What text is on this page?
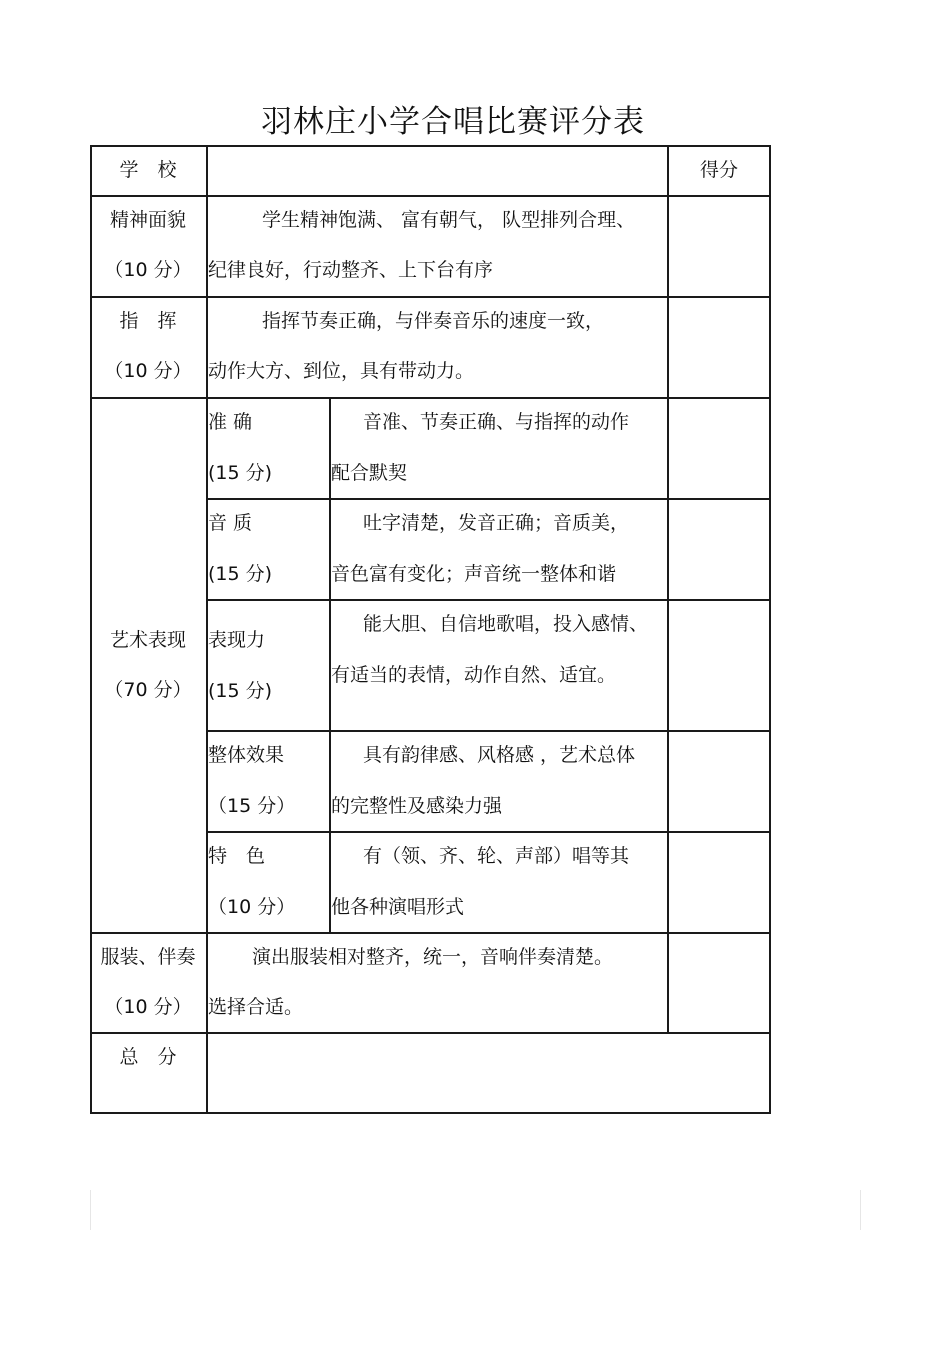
羽林庄小学合唱比赛评分表
学　校	得分
精神面貌
（10 分）
学生精神饱满、 富有朝气， 队型排列合理、
纪律良好，行动整齐、上下台有序
指　挥
（10 分）
指挥节奏正确，与伴奏音乐的速度一致，
动作大方、到位，具有带动力。
艺术表现
（70 分）
准 确
(15 分)
音准、节奏正确、与指挥的动作
配合默契
音 质
(15 分)
吐字清楚，发音正确；音质美，
音色富有变化；声音统一整体和谐
表现力
(15 分)
能大胆、自信地歌唱，投入感情、
有适当的表情，动作自然、适宜。
整体效果
（15 分）
具有韵律感、风格感 ，艺术总体
的完整性及感染力强
特　色
（10 分）
有（领、齐、轮、声部）唱等其
他各种演唱形式
服装、伴奏
（10 分）
演出服装相对整齐，统一，音响伴奏清楚。
选择合适。
总　分
